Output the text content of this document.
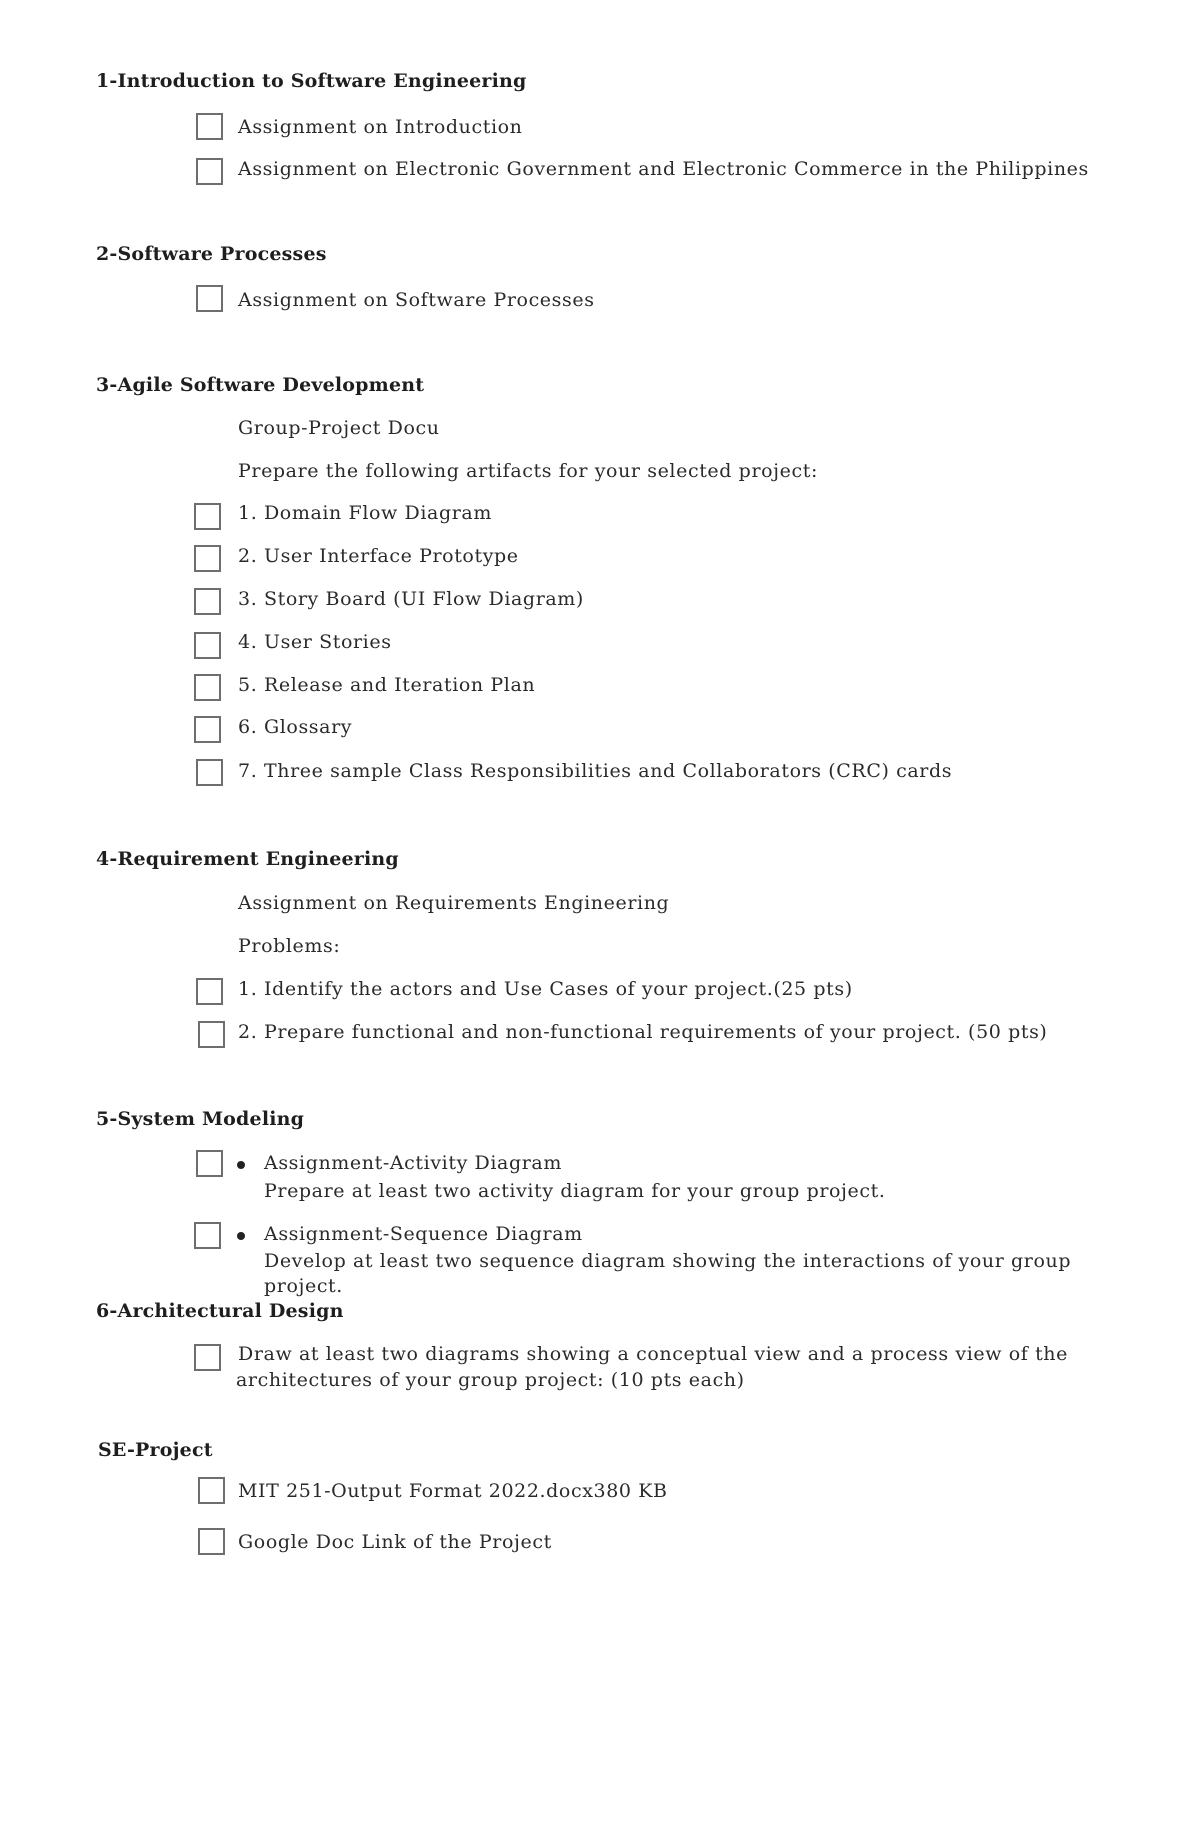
1-Introduction to Software Engineering
Assignment on Introduction
Assignment on Electronic Government and Electronic Commerce in the Philippines
2-Software Processes
Assignment on Software Processes
3-Agile Software Development
Group-Project Docu
Prepare the following artifacts for your selected project:
1. Domain Flow Diagram
2. User Interface Prototype
3. Story Board (UI Flow Diagram)
4. User Stories
5. Release and Iteration Plan
6. Glossary
7. Three sample Class Responsibilities and Collaborators (CRC) cards
4-Requirement Engineering
Assignment on Requirements Engineering
Problems:
1. Identify the actors and Use Cases of your project.(25 pts)
2. Prepare functional and non-functional requirements of your project. (50 pts)
5-System Modeling
Assignment-Activity Diagram
Prepare at least two activity diagram for your group project.
Assignment-Sequence Diagram
Develop at least two sequence diagram showing the interactions of your group
project.
6-Architectural Design
Draw at least two diagrams showing a conceptual view and a process view of the
architectures of your group project: (10 pts each)
SE-Project
MIT 251-Output Format 2022.docx380 KB
Google Doc Link of the Project
